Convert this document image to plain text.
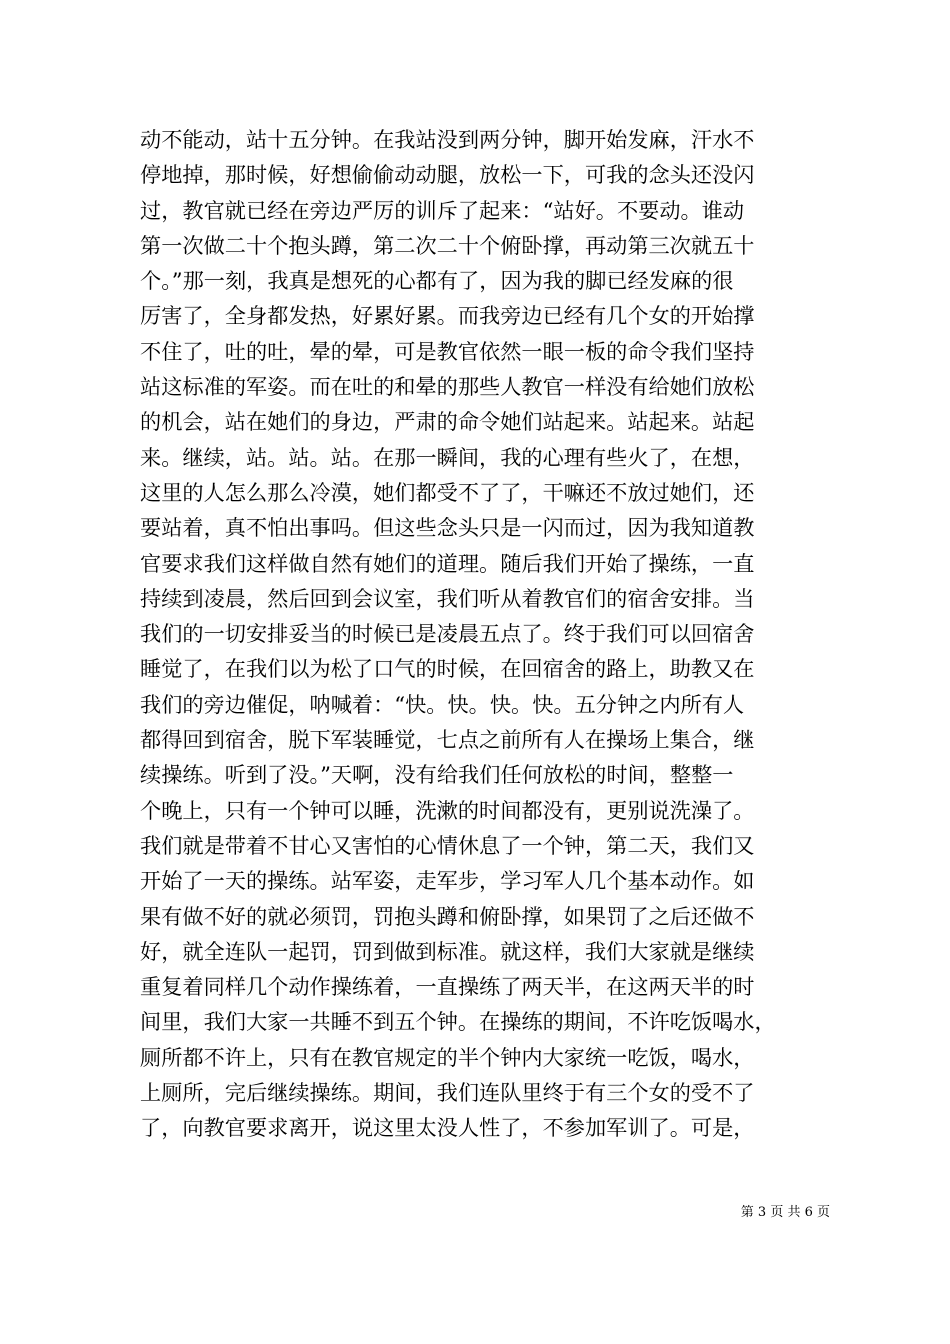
动不能动，站十五分钟。在我站没到两分钟，脚开始发麻，汗水不
停地掉，那时候，好想偷偷动动腿，放松一下，可我的念头还没闪
过，教官就已经在旁边严厉的训斥了起来：“站好。不要动。谁动
第一次做二十个抱头蹲，第二次二十个俯卧撑，再动第三次就五十
个。”那一刻，我真是想死的心都有了，因为我的脚已经发麻的很
厉害了，全身都发热，好累好累。而我旁边已经有几个女的开始撑
不住了，吐的吐，晕的晕，可是教官依然一眼一板的命令我们坚持
站这标准的军姿。而在吐的和晕的那些人教官一样没有给她们放松
的机会，站在她们的身边，严肃的命令她们站起来。站起来。站起
来。继续，站。站。站。在那一瞬间，我的心理有些火了，在想，
这里的人怎么那么冷漠，她们都受不了了，干嘛还不放过她们，还
要站着，真不怕出事吗。但这些念头只是一闪而过，因为我知道教
官要求我们这样做自然有她们的道理。随后我们开始了操练，一直
持续到凌晨，然后回到会议室，我们听从着教官们的宿舍安排。当
我们的一切安排妥当的时候已是凌晨五点了。终于我们可以回宿舍
睡觉了，在我们以为松了口气的时候，在回宿舍的路上，助教又在
我们的旁边催促，呐喊着：“快。快。快。快。五分钟之内所有人
都得回到宿舍，脱下军装睡觉，七点之前所有人在操场上集合，继
续操练。听到了没。”天啊，没有给我们任何放松的时间，整整一
个晚上，只有一个钟可以睡，洗漱的时间都没有，更别说洗澡了。
我们就是带着不甘心又害怕的心情休息了一个钟，第二天，我们又
开始了一天的操练。站军姿，走军步，学习军人几个基本动作。如
果有做不好的就必须罚，罚抱头蹲和俯卧撑，如果罚了之后还做不
好，就全连队一起罚，罚到做到标准。就这样，我们大家就是继续
重复着同样几个动作操练着，一直操练了两天半，在这两天半的时
间里，我们大家一共睡不到五个钟。在操练的期间，不许吃饭喝水，
厕所都不许上，只有在教官规定的半个钟内大家统一吃饭，喝水，
上厕所，完后继续操练。期间，我们连队里终于有三个女的受不了
了，向教官要求离开，说这里太没人性了，不参加军训了。可是，
第 3 页 共 6 页
